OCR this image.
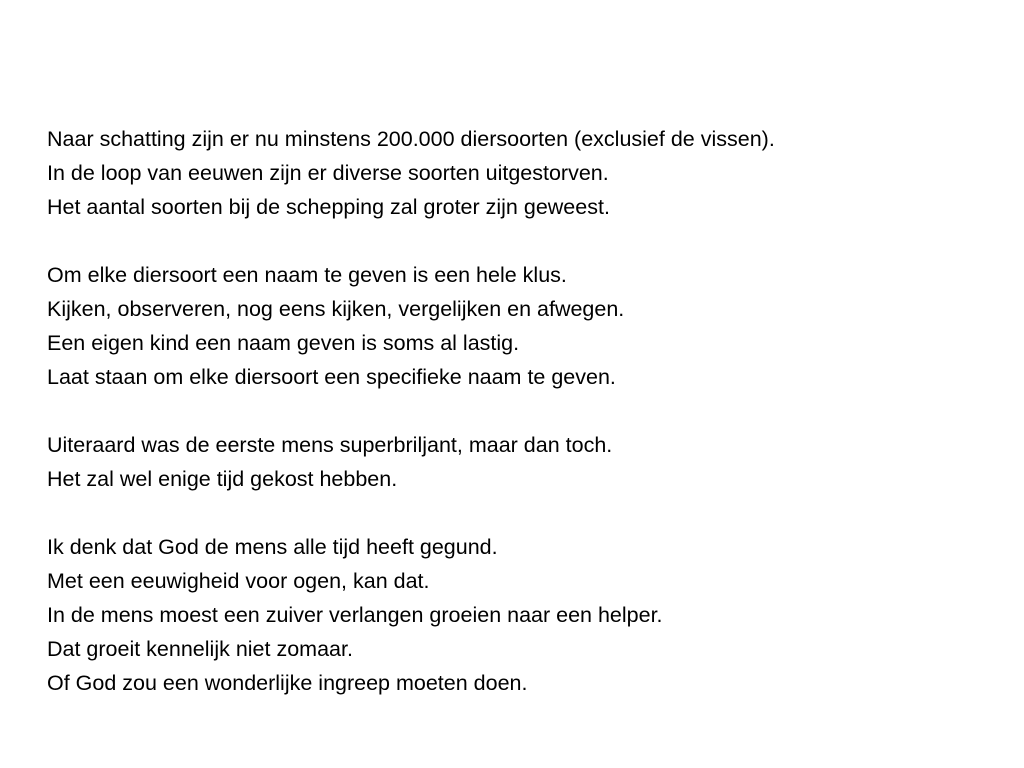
Naar schatting zijn er nu minstens 200.000 diersoorten (exclusief de vissen).
In de loop van eeuwen zijn er diverse soorten uitgestorven.
Het aantal soorten bij de schepping zal groter zijn geweest.

Om elke diersoort een naam te geven is een hele klus.
Kijken, observeren, nog eens kijken, vergelijken en afwegen.
Een eigen kind een naam geven is soms al lastig.
Laat staan om elke diersoort een specifieke naam te geven.

Uiteraard was de eerste mens superbriljant, maar dan toch.
Het zal wel enige tijd gekost hebben.

Ik denk dat God de mens alle tijd heeft gegund.
Met een eeuwigheid voor ogen, kan dat.
In de mens moest een zuiver verlangen groeien naar een helper.
Dat groeit kennelijk niet zomaar.
Of God zou een wonderlijke ingreep moeten doen.
